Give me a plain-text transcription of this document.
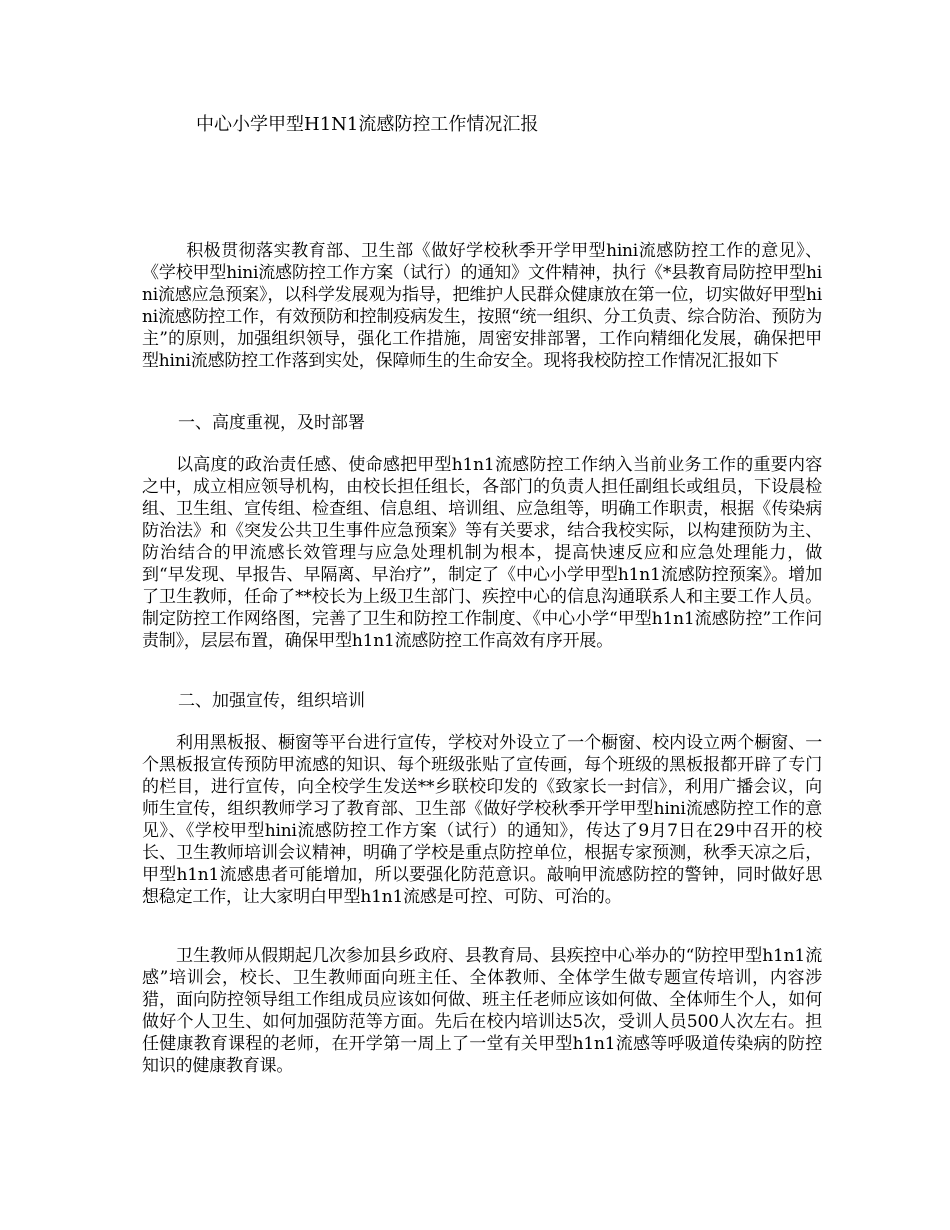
中心小学甲型H1N1流感防控工作情况汇报
积极贯彻落实教育部、卫生部《做好学校秋季开学甲型hini流感防控工作的意见》、《学校甲型hini流感防控工作方案（试行）的通知》文件精神，执行《*县教育局防控甲型hini流感应急预案》，以科学发展观为指导，把维护人民群众健康放在第一位，切实做好甲型hini流感防控工作，有效预防和控制疫病发生，按照“统一组织、分工负责、综合防治、预防为主”的原则，加强组织领导，强化工作措施，周密安排部署，工作向精细化发展，确保把甲型hini流感防控工作落到实处，保障师生的生命安全。现将我校防控工作情况汇报如下
一、高度重视，及时部署
以高度的政治责任感、使命感把甲型h1n1流感防控工作纳入当前业务工作的重要内容之中，成立相应领导机构，由校长担任组长，各部门的负责人担任副组长或组员，下设晨检组、卫生组、宣传组、检查组、信息组、培训组、应急组等，明确工作职责，根据《传染病防治法》和《突发公共卫生事件应急预案》等有关要求，结合我校实际，以构建预防为主、防治结合的甲流感长效管理与应急处理机制为根本，提高快速反应和应急处理能力，做到“早发现、早报告、早隔离、早治疗”，制定了《中心小学甲型h1n1流感防控预案》。增加了卫生教师，任命了**校长为上级卫生部门、疾控中心的信息沟通联系人和主要工作人员。制定防控工作网络图，完善了卫生和防控工作制度、《中心小学“甲型h1n1流感防控”工作问责制》，层层布置，确保甲型h1n1流感防控工作高效有序开展。
二、加强宣传，组织培训
利用黑板报、橱窗等平台进行宣传，学校对外设立了一个橱窗、校内设立两个橱窗、一个黑板报宣传预防甲流感的知识、每个班级张贴了宣传画，每个班级的黑板报都开辟了专门的栏目，进行宣传，向全校学生发送**乡联校印发的《致家长一封信》，利用广播会议，向师生宣传，组织教师学习了教育部、卫生部《做好学校秋季开学甲型hini流感防控工作的意见》、《学校甲型hini流感防控工作方案（试行）的通知》，传达了9月7日在29中召开的校长、卫生教师培训会议精神，明确了学校是重点防控单位，根据专家预测，秋季天凉之后，甲型h1n1流感患者可能增加，所以要强化防范意识。敲响甲流感防控的警钟，同时做好思想稳定工作，让大家明白甲型h1n1流感是可控、可防、可治的。
卫生教师从假期起几次参加县乡政府、县教育局、县疾控中心举办的“防控甲型h1n1流感”培训会，校长、卫生教师面向班主任、全体教师、全体学生做专题宣传培训，内容涉猎，面向防控领导组工作组成员应该如何做、班主任老师应该如何做、全体师生个人，如何做好个人卫生、如何加强防范等方面。先后在校内培训达5次，受训人员500人次左右。担任健康教育课程的老师，在开学第一周上了一堂有关甲型h1n1流感等呼吸道传染病的防控知识的健康教育课。
